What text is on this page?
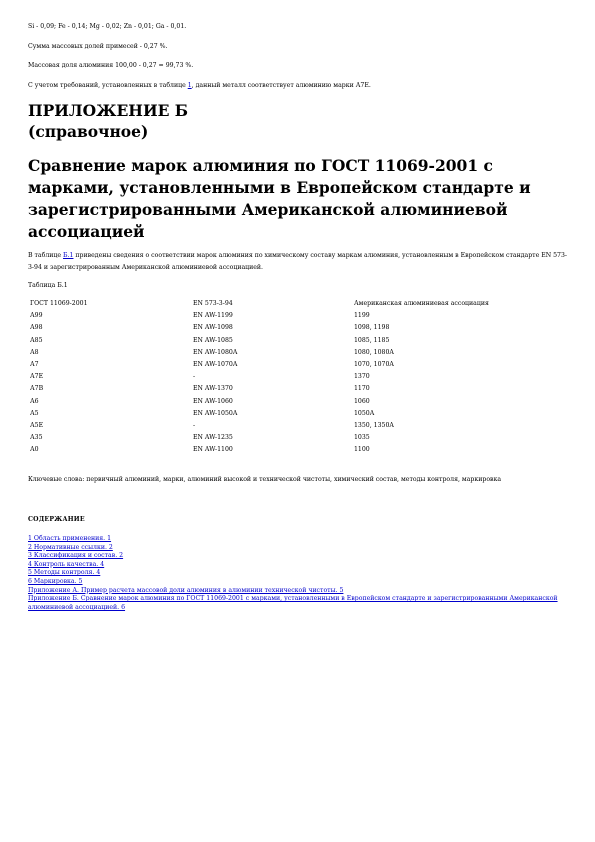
Si - 0,09; Fe - 0,14; Mg - 0,02; Zn - 0,01; Ga - 0,01.
Сумма массовых долей примесей - 0,27 %.
Массовая доля алюминия 100,00 - 0,27 = 99,73 %.
С учетом требований, установленных в таблице 1, данный металл соответствует алюминию марки А7Е.
ПРИЛОЖЕНИЕ Б
(справочное)
Сравнение марок алюминия по ГОСТ 11069-2001 с марками, установленными в Европейском стандарте и зарегистрированными Американской алюминиевой ассоциацией
В таблице Б.1 приведены сведения о соответствии марок алюминия по химическому составу маркам алюминия, установленным в Европейском стандарте EN 573-3-94 и зарегистрированным Американской алюминиевой ассоциацией.
Таблица Б.1
ГОСТ 11069-2001	EN 573-3-94	Американская алюминиевая ассоциация
А99	EN AW-1199	1199
А98	EN AW-1098	1098, 1198
А85	EN AW-1085	1085, 1185
А8	EN AW-1080A	1080, 1080A
А7	EN AW-1070A	1070, 1070A
А7Е	-	1370
А7В	EN AW-1370	1170
А6	EN AW-1060	1060
А5	EN AW-1050A	1050A
А5Е	-	1350, 1350A
А35	EN AW-1235	1035
А0	EN AW-1100	1100
Ключевые слова: первичный алюминий, марки, алюминий высокой и технической чистоты, химический состав, методы контроля, маркировка
СОДЕРЖАНИЕ
1 Область применения. 1
2 Нормативные ссылки. 2
3 Классификация и состав. 2
4 Контроль качества. 4
5 Методы контроля. 4
6 Маркировка. 5
Приложение А. Пример расчета массовой доли алюминия в алюминии технической чистоты. 5
Приложение Б. Сравнение марок алюминия по ГОСТ 11069-2001 с марками, установленными в Европейском стандарте и зарегистрированными Американской алюминиевой ассоциацией. 6
